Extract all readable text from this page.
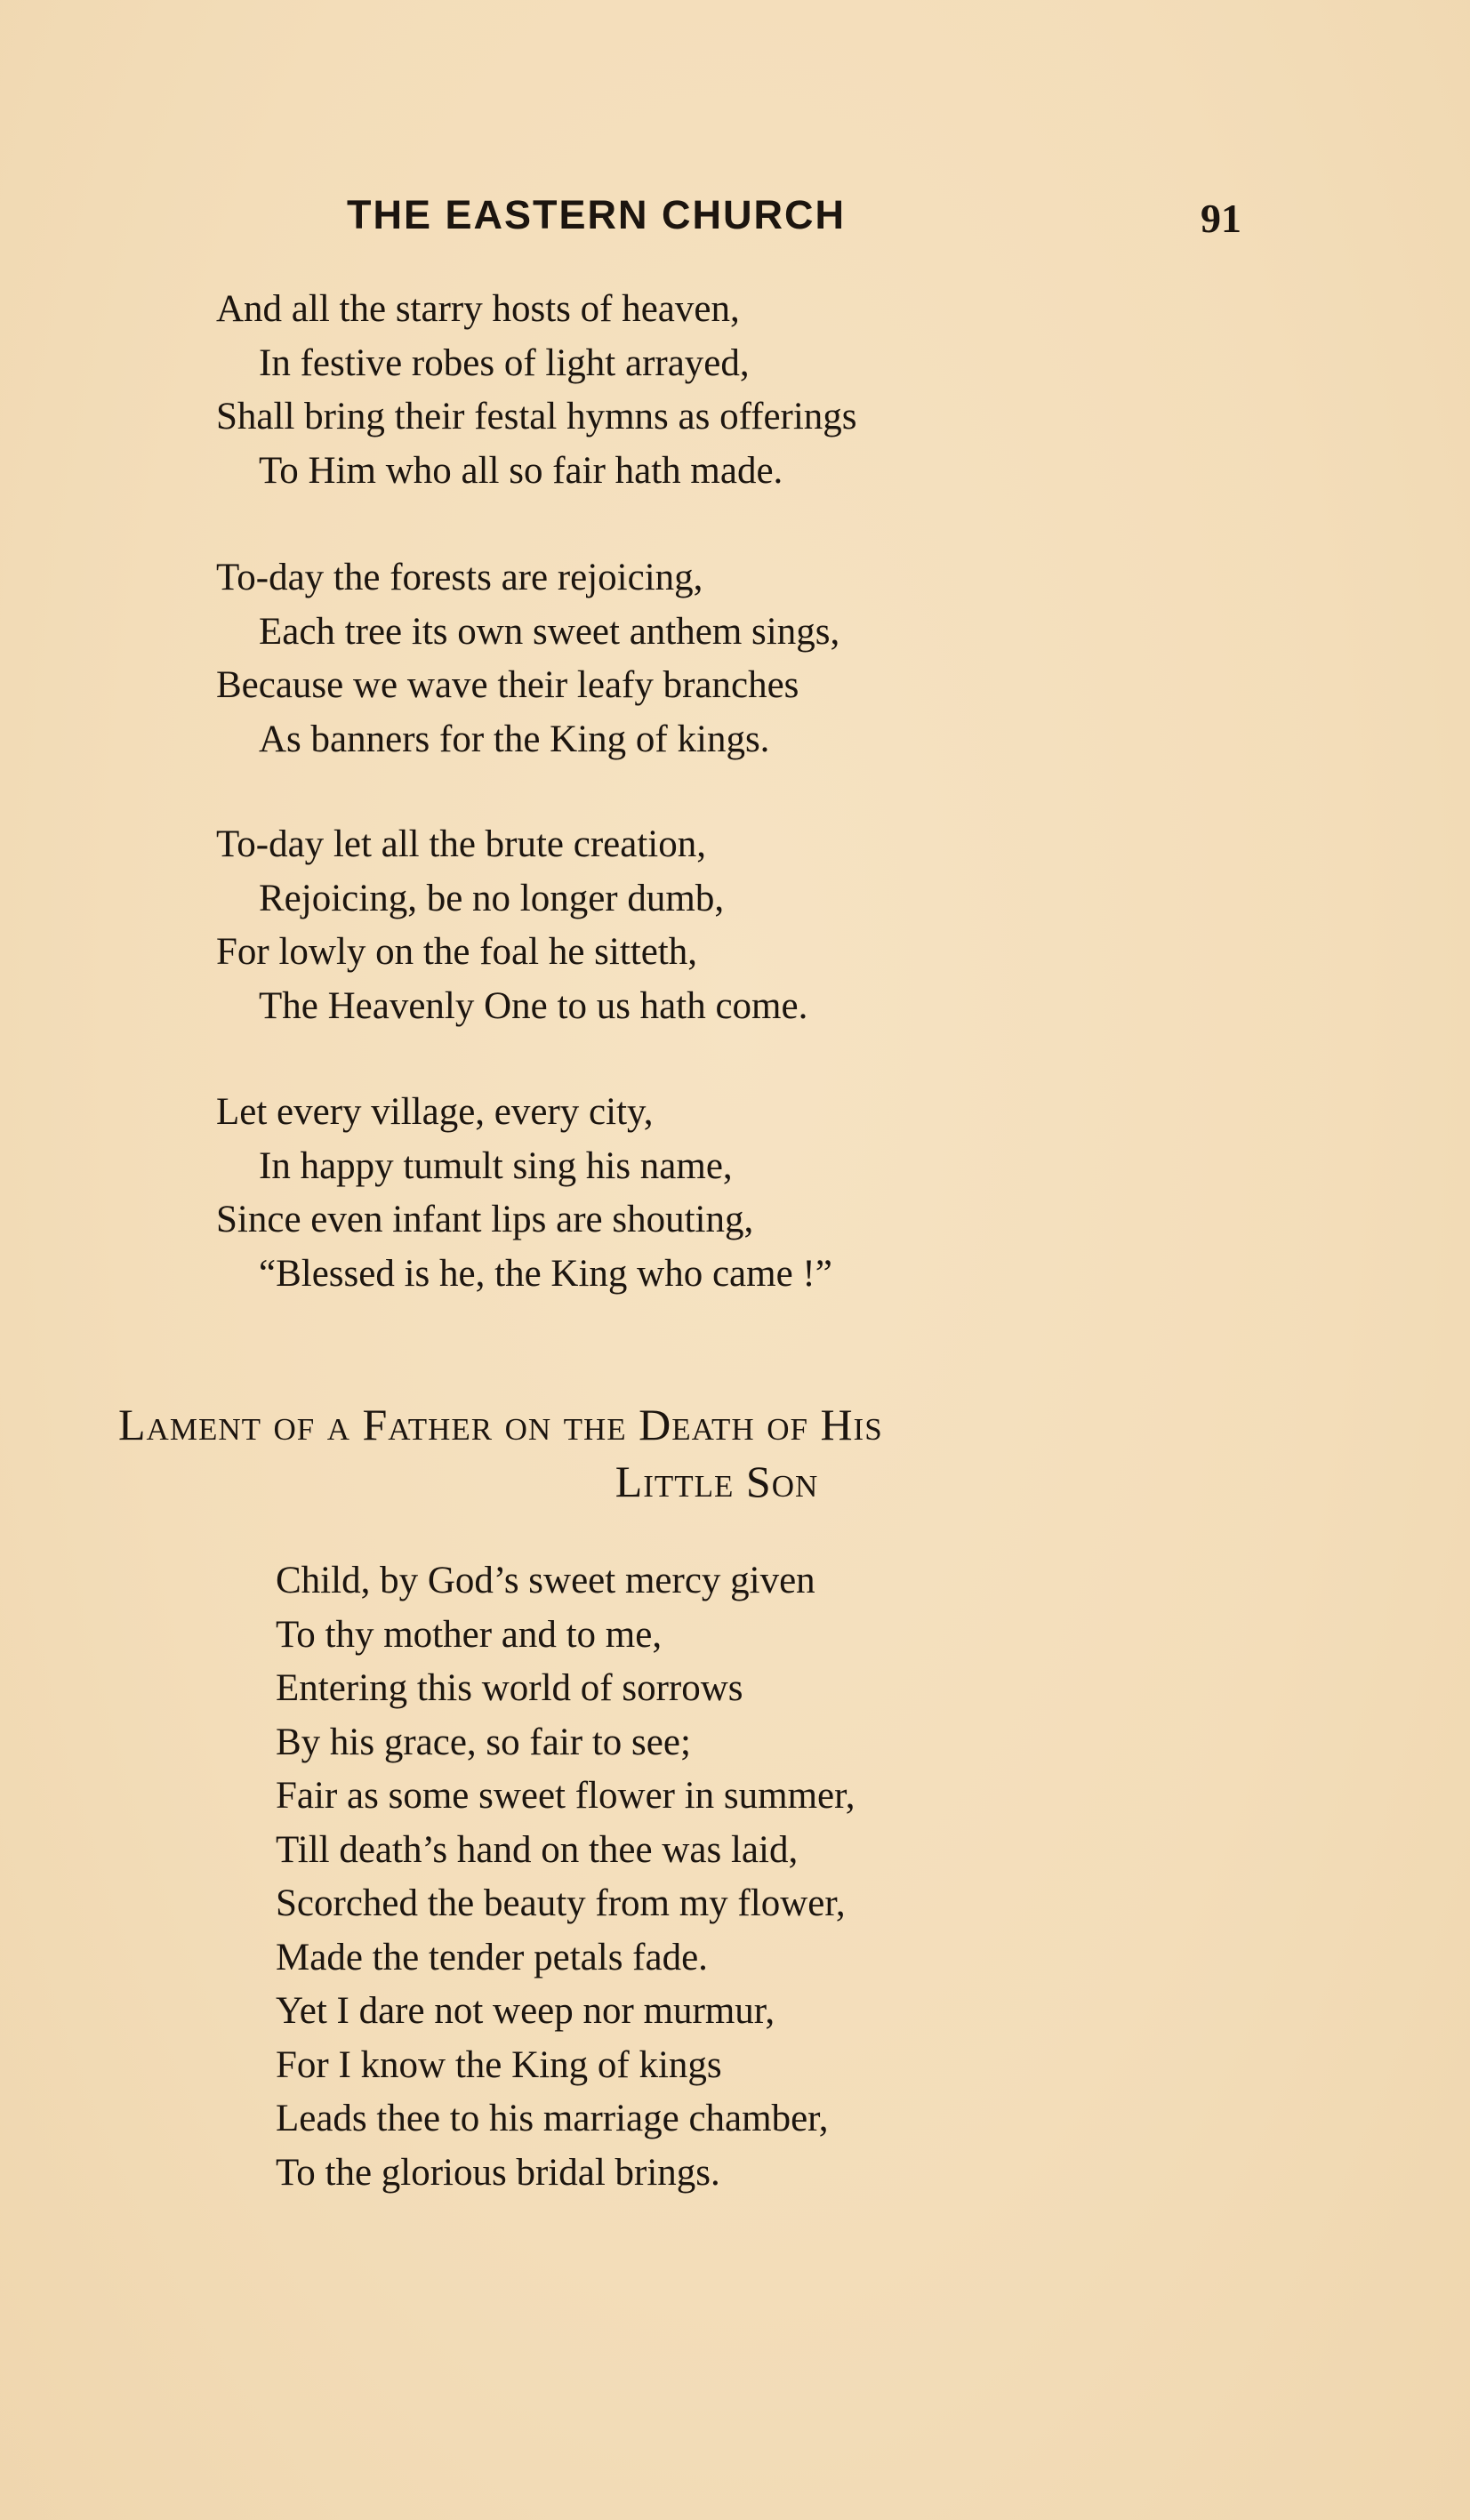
THE EASTERN CHURCH	91
And all the starry hosts of heaven,
In festive robes of light arrayed,
Shall bring their festal hymns as offerings
To Him who all so fair hath made.
To-day the forests are rejoicing,
Each tree its own sweet anthem sings,
Because we wave their leafy branches
As banners for the King of kings.
To-day let all the brute creation,
Rejoicing, be no longer dumb,
For lowly on the foal he sitteth,
The Heavenly One to us hath come.
Let every village, every city,
In happy tumult sing his name,
Since even infant lips are shouting,
“Blessed is he, the King who came !”
Lament of a Father on the Death of His
Little Son
Child, by God’s sweet mercy given
To thy mother and to me,
Entering this world of sorrows
By his grace, so fair to see;
Fair as some sweet flower in summer,
Till death’s hand on thee was laid,
Scorched the beauty from my flower,
Made the tender petals fade.
Yet I dare not weep nor murmur,
For I know the King of kings
Leads thee to his marriage chamber,
To the glorious bridal brings.
